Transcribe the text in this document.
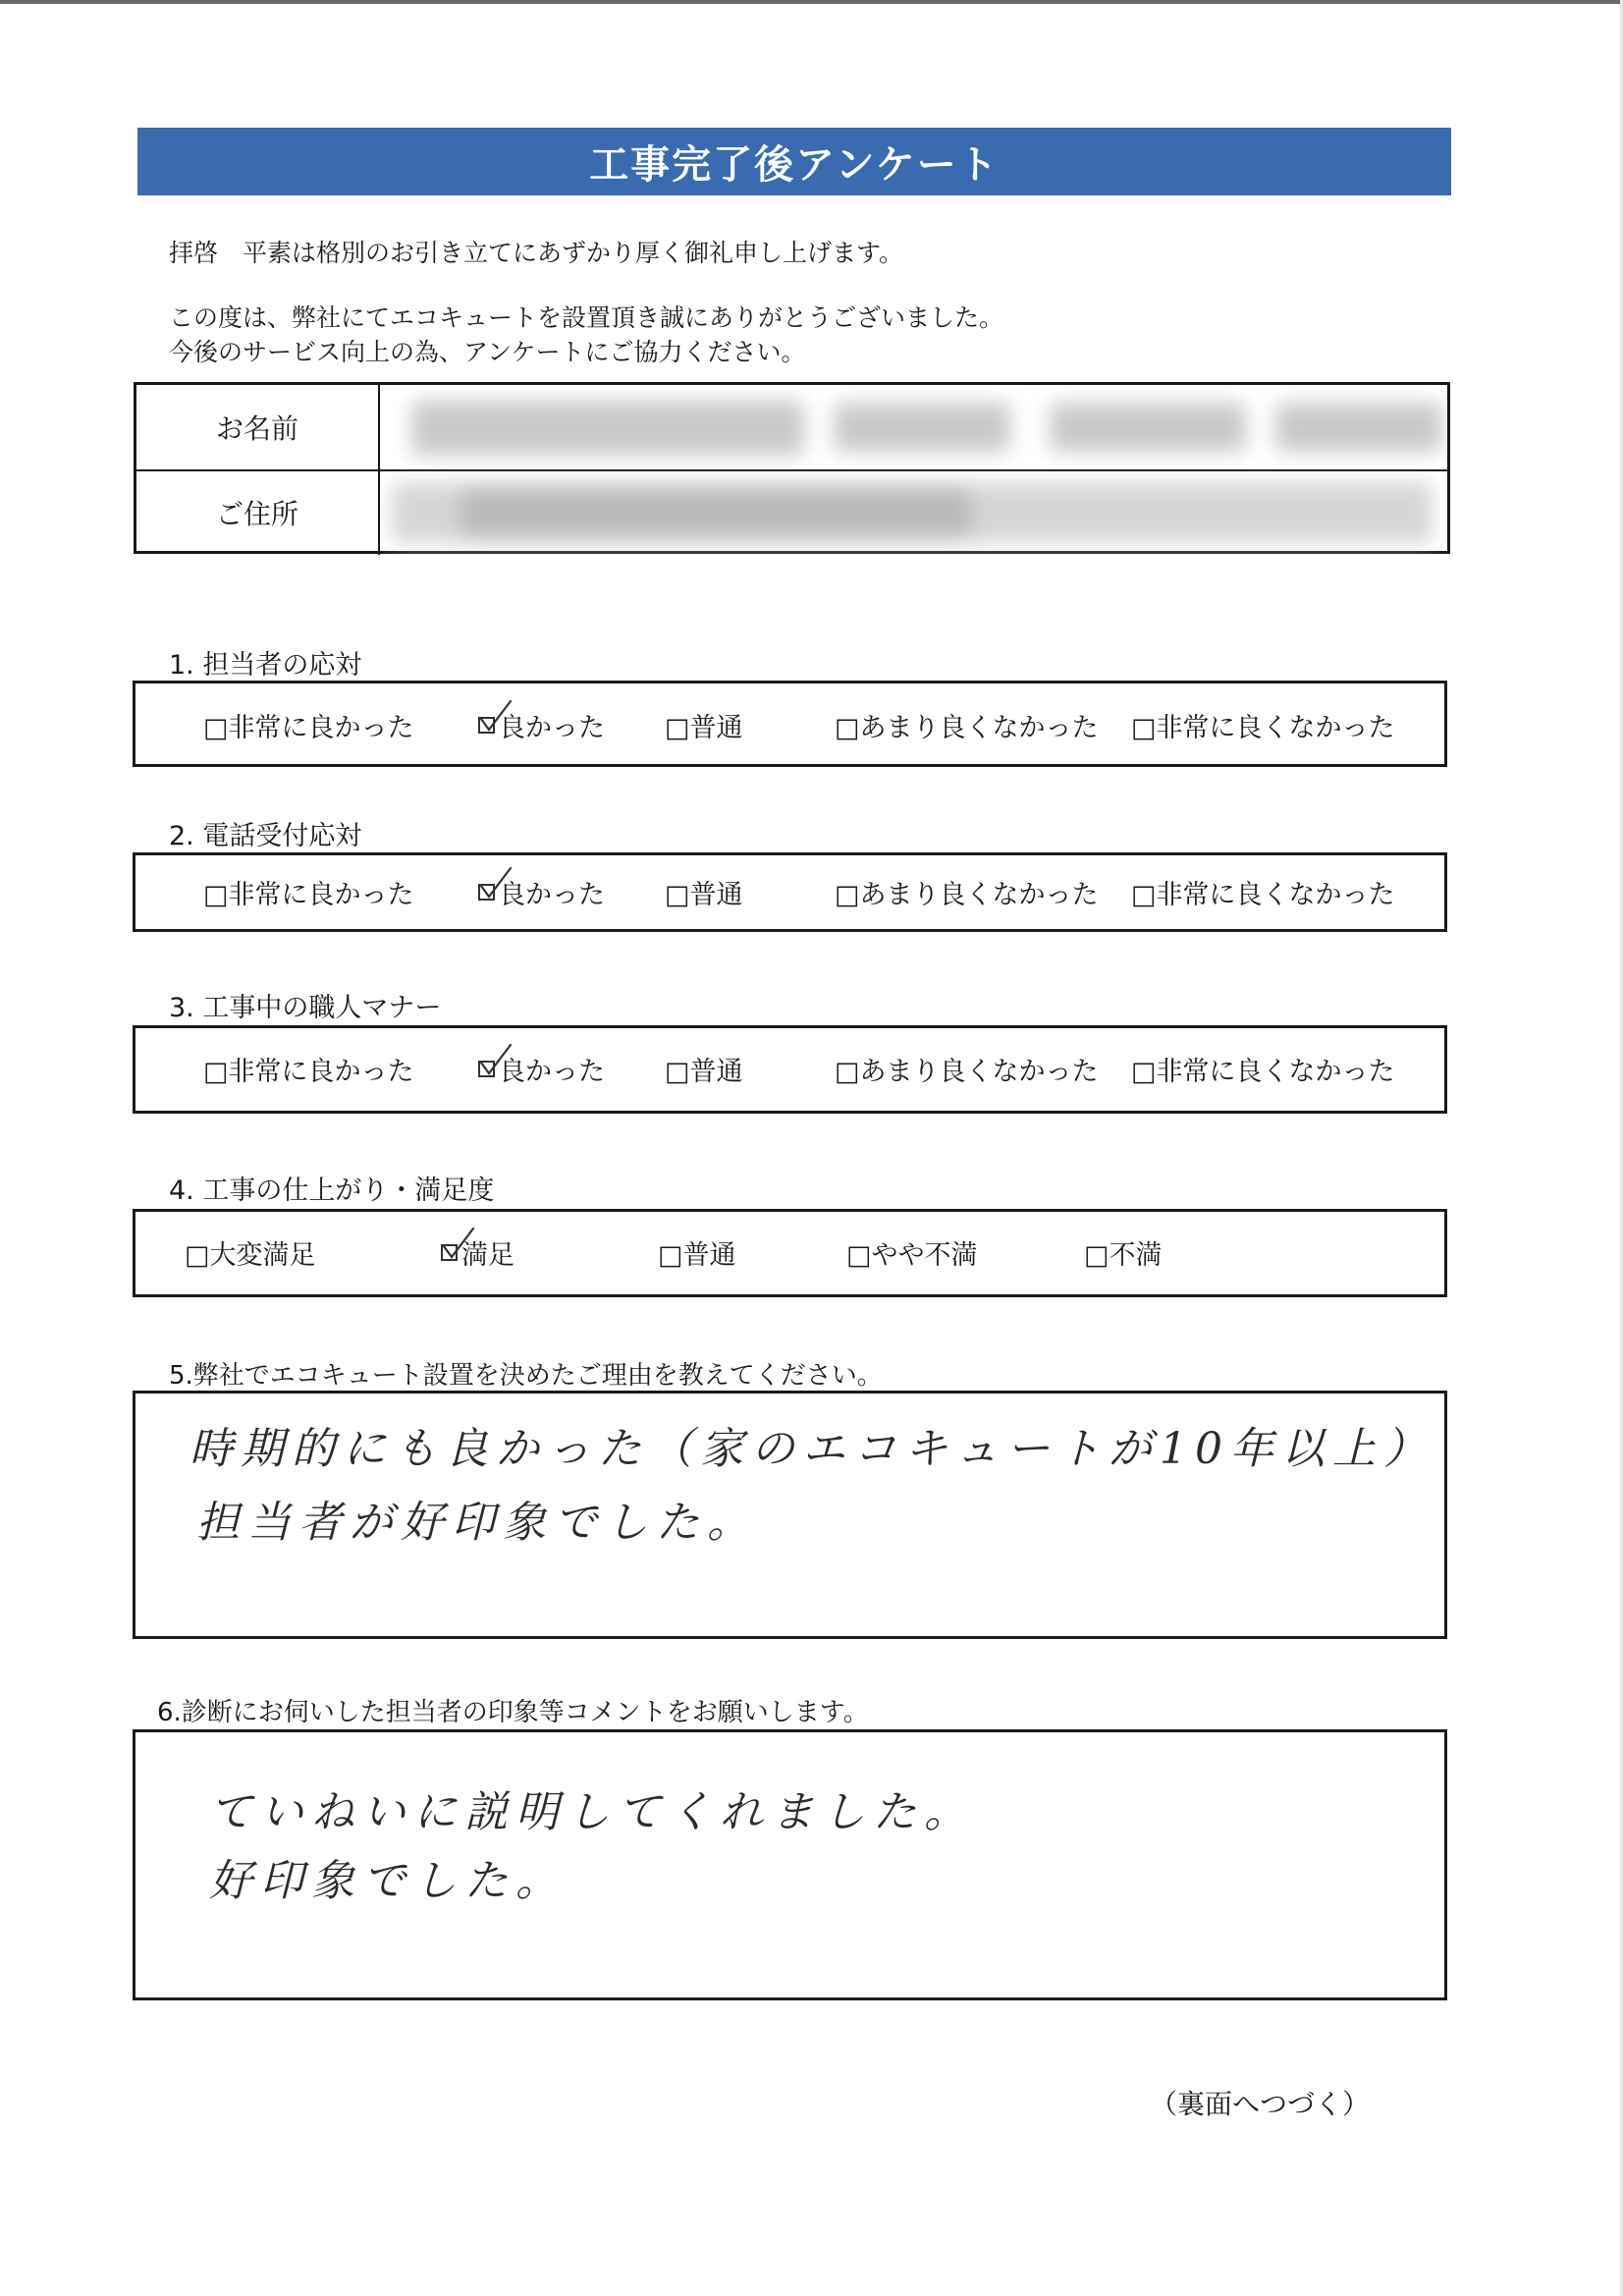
工事完了後アンケート
拝啓　平素は格別のお引き立てにあずかり厚く御礼申し上げます。
この度は、弊社にてエコキュートを設置頂き誠にありがとうございました。
今後のサービス向上の為、アンケートにご協力ください。
お名前
ご住所
1. 担当者の応対
□非常に良かった	良かった □普通	□あまり良くなかった □非常に良くなかった
2. 電話受付応対
□非常に良かった	良かった □普通	□あまり良くなかった □非常に良くなかった
3. 工事中の職人マナー
□非常に良かった	良かった □普通	□あまり良くなかった □非常に良くなかった
4. 工事の仕上がり・満足度
□大変満足	満足	□普通	□やや不満	□不満
5.弊社でエコキュート設置を決めたご理由を教えてください。
時期的にも良かった（家のエコキュートが10年以上）
担当者が好印象でした。
6.診断にお伺いした担当者の印象等コメントをお願いします。
ていねいに説明してくれました。
好印象でした。
（裏面へつづく）
